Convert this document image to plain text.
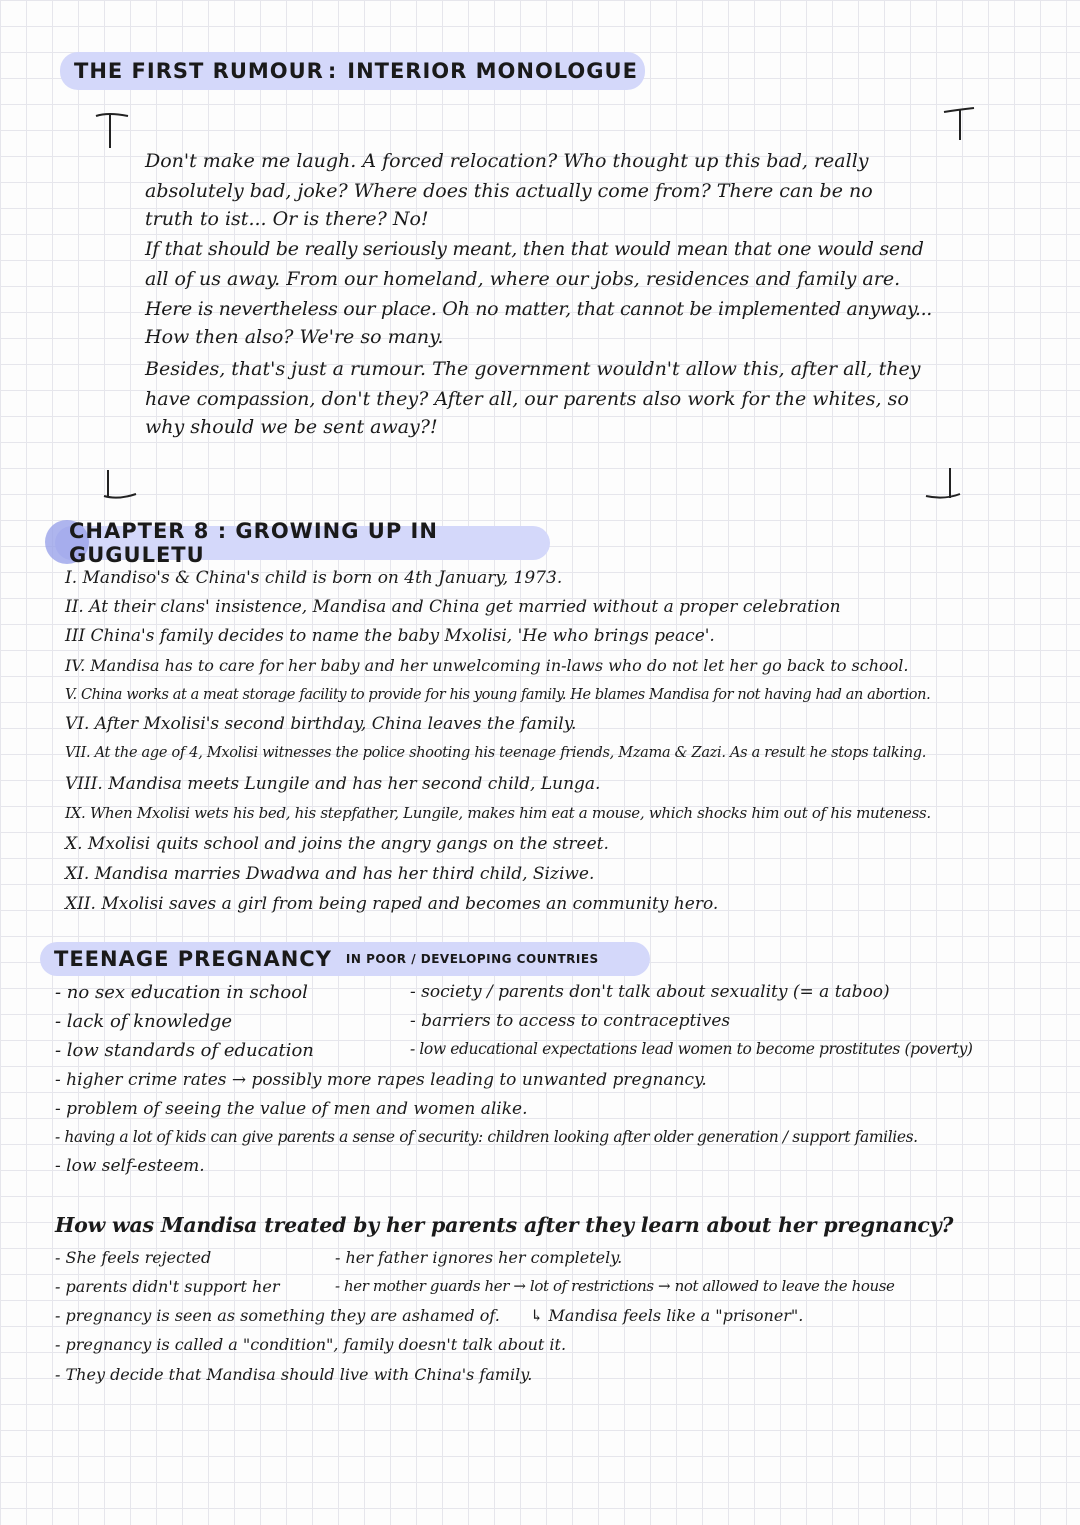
THE FIRST RUMOUR : INTERIOR MONOLOGUE
Don't make me laugh. A forced relocation? Who thought up this bad, really
absolutely bad, joke? Where does this actually come from? There can be no
truth to ist... Or is there? No!
If that should be really seriously meant, then that would mean that one would send
all of us away. From our homeland, where our jobs, residences and family are.
Here is nevertheless our place. Oh no matter, that cannot be implemented anyway...
How then also? We're so many.
Besides, that's just a rumour. The government wouldn't allow this, after all, they
have compassion, don't they? After all, our parents also work for the whites, so
why should we be sent away?!
CHAPTER 8 : GROWING UP IN GUGULETU
I. Mandiso's & China's child is born on 4th January, 1973.
II. At their clans' insistence, Mandisa and China get married without a proper celebration
III China's family decides to name the baby Mxolisi, 'He who brings peace'.
IV. Mandisa has to care for her baby and her unwelcoming in-laws who do not let her go back to school.
V. China works at a meat storage facility to provide for his young family. He blames Mandisa for not having had an abortion.
VI. After Mxolisi's second birthday, China leaves the family.
VII. At the age of 4, Mxolisi witnesses the police shooting his teenage friends, Mzama & Zazi. As a result he stops talking.
VIII. Mandisa meets Lungile and has her second child, Lunga.
IX. When Mxolisi wets his bed, his stepfather, Lungile, makes him eat a mouse, which shocks him out of his muteness.
X. Mxolisi quits school and joins the angry gangs on the street.
XI. Mandisa marries Dwadwa and has her third child, Siziwe.
XII. Mxolisi saves a girl from being raped and becomes an community hero.
TEENAGE PREGNANCY IN POOR / DEVELOPING COUNTRIES
- no sex education in school
- lack of knowledge
- low standards of education
- society / parents don't talk about sexuality (= a taboo)
- barriers to access to contraceptives
- low educational expectations lead women to become prostitutes (poverty)
- higher crime rates → possibly more rapes leading to unwanted pregnancy.
- problem of seeing the value of men and women alike.
- having a lot of kids can give parents a sense of security: children looking after older generation / support families.
- low self-esteem.
How was Mandisa treated by her parents after they learn about her pregnancy?
- She feels rejected
- parents didn't support her
- pregnancy is seen as something they are ashamed of.
- pregnancy is called a "condition", family doesn't talk about it.
- They decide that Mandisa should live with China's family.
- her father ignores her completely.
- her mother guards her → lot of restrictions → not allowed to leave the house
↳ Mandisa feels like a "prisoner".
